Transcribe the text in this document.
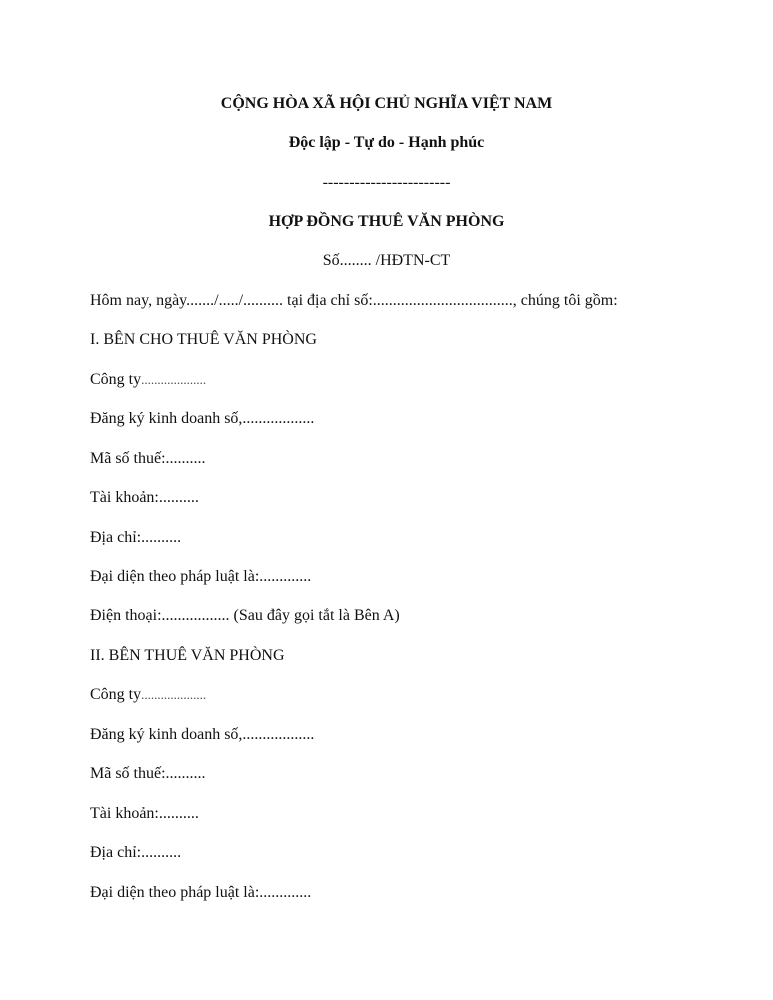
CỘNG HÒA XÃ HỘI CHỦ NGHĨA VIỆT NAM
Độc lập - Tự do - Hạnh phúc
------------------------
HỢP ĐỒNG THUÊ VĂN PHÒNG
Số........ /HĐTN-CT
Hôm nay, ngày......./...../.......... tại địa chỉ số:..................................., chúng tôi gồm:
I. BÊN CHO THUÊ VĂN PHÒNG
Công ty....................
Đăng ký kinh doanh số,..................
Mã số thuế:..........
Tài khoản:..........
Địa chỉ:..........
Đại diện theo pháp luật là:.............
Điện thoại:................. (Sau đây gọi tắt là Bên A)
II. BÊN THUÊ VĂN PHÒNG
Công ty....................
Đăng ký kinh doanh số,..................
Mã số thuế:..........
Tài khoản:..........
Địa chỉ:..........
Đại diện theo pháp luật là:.............
